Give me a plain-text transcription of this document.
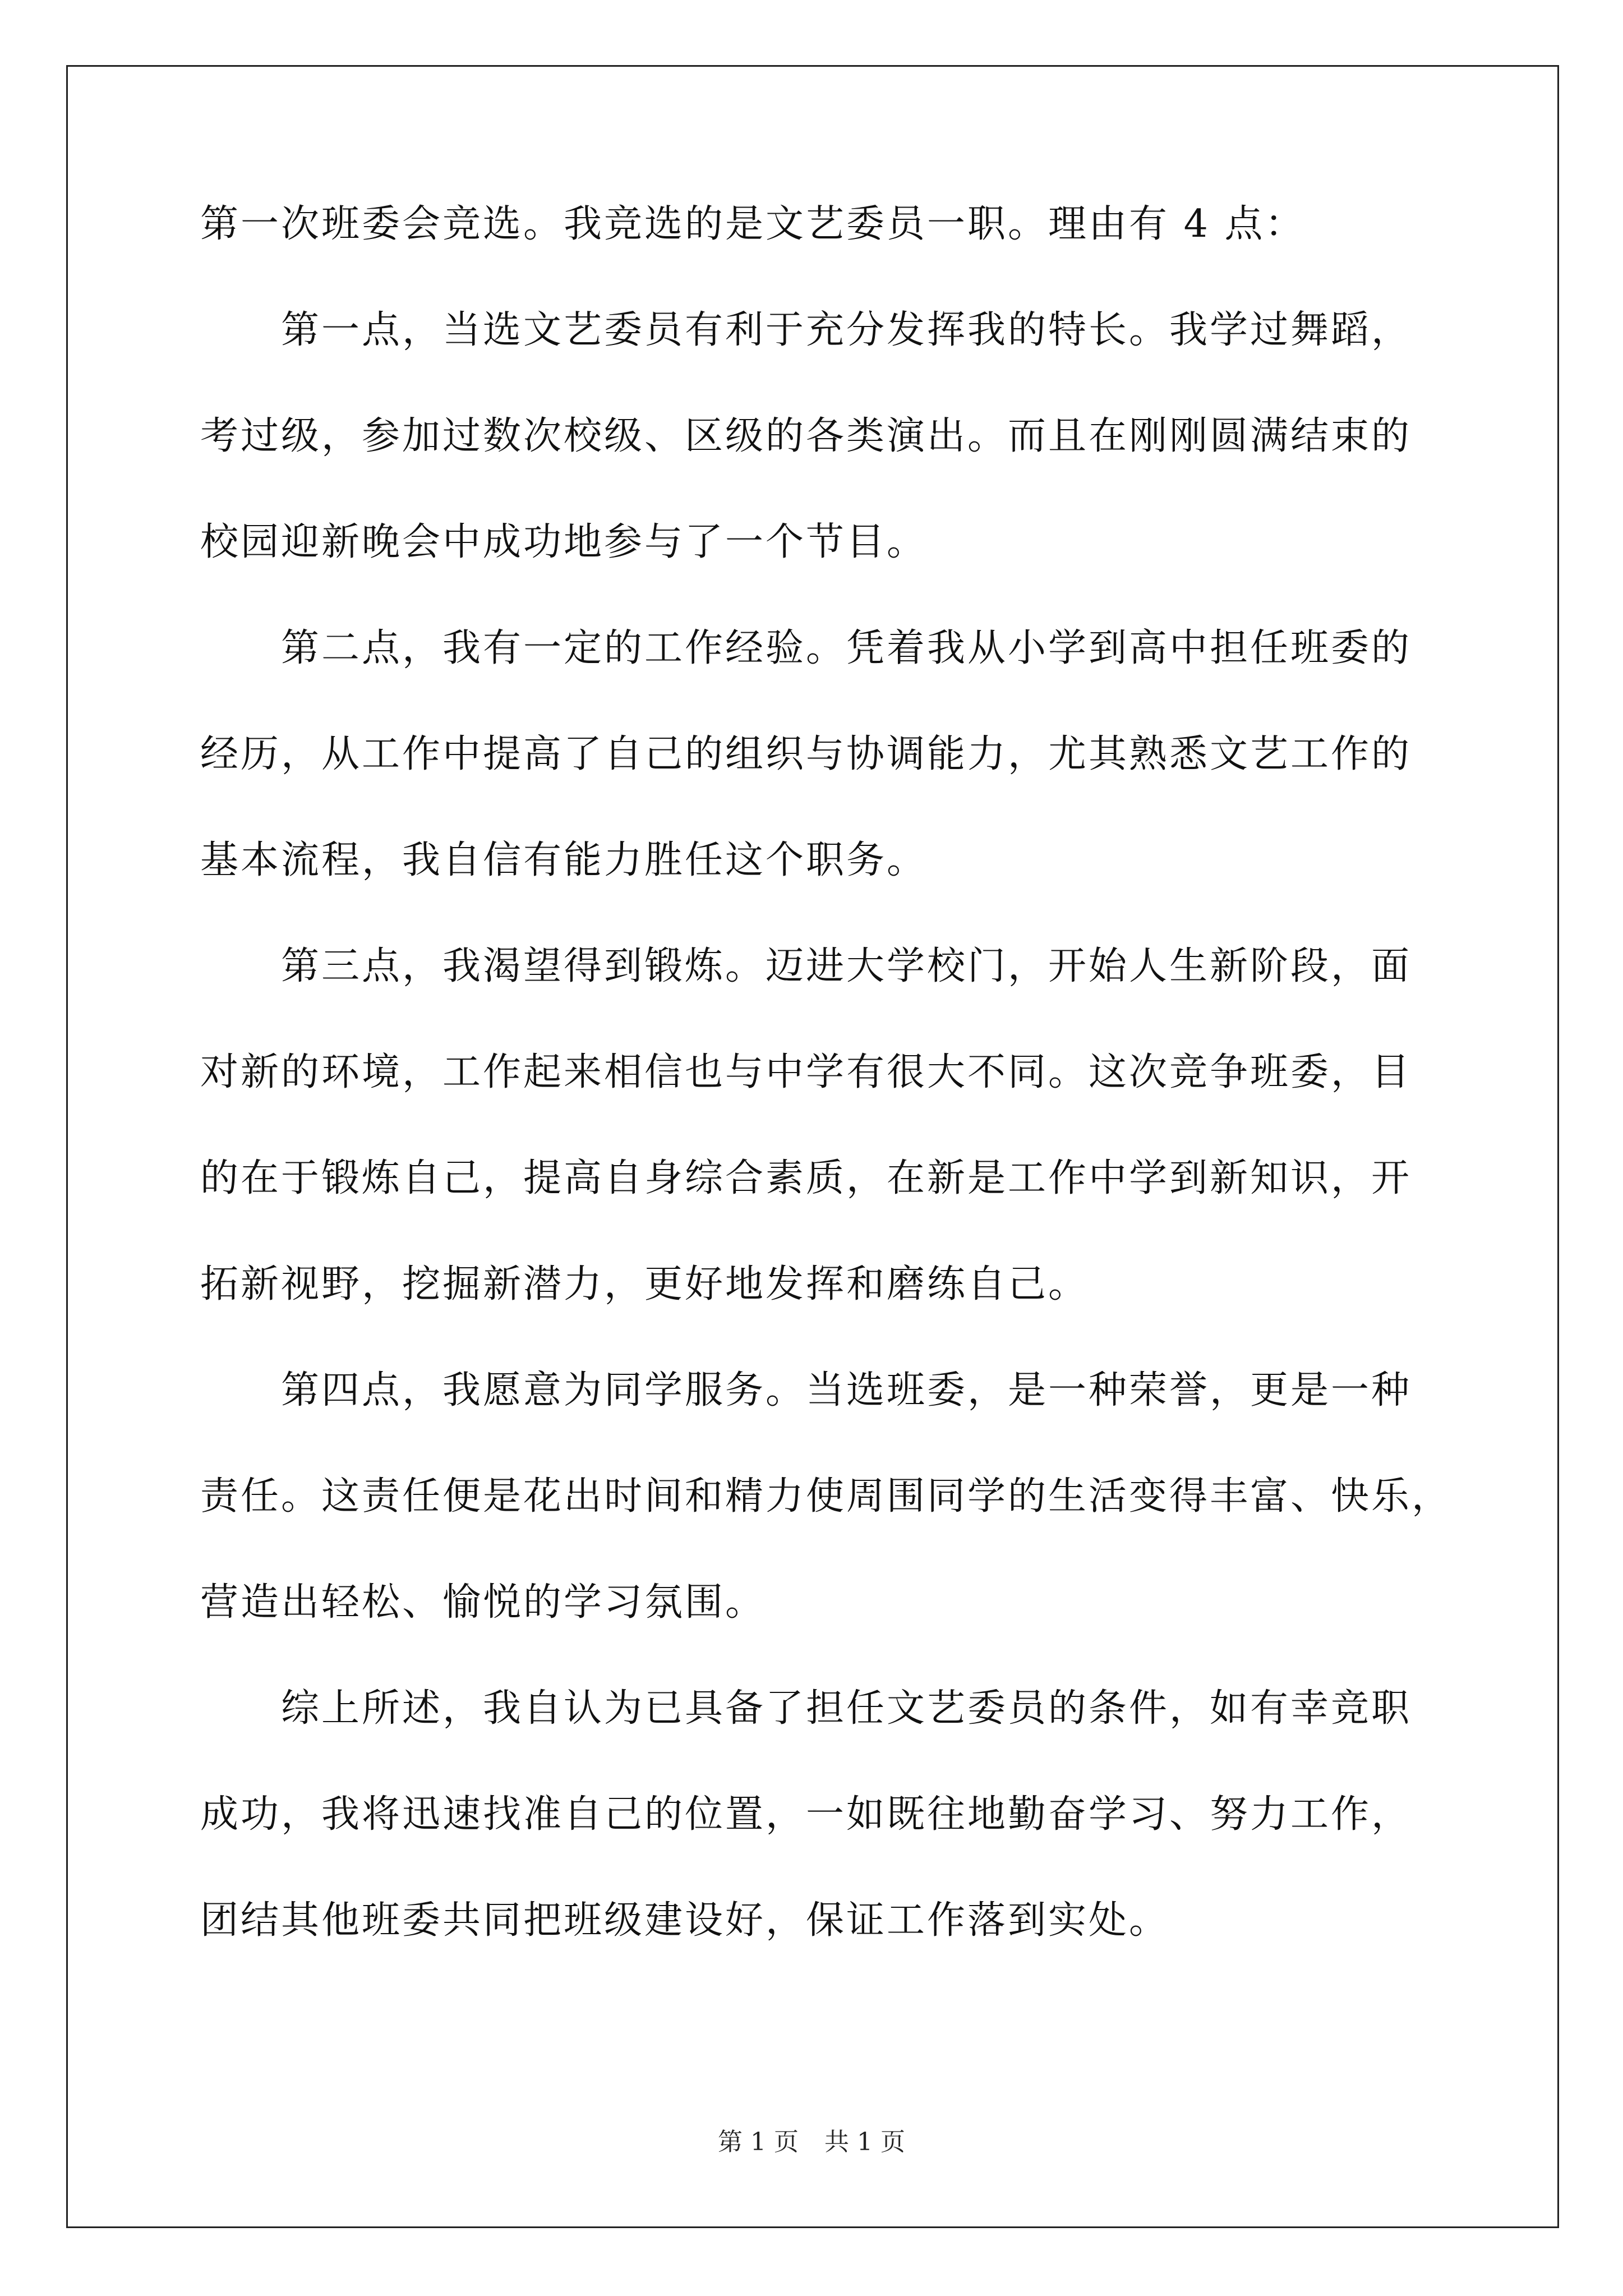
第一次班委会竞选。我竞选的是文艺委员一职。理由有 4 点：
第一点，当选文艺委员有利于充分发挥我的特长。我学过舞蹈，
考过级，参加过数次校级、区级的各类演出。而且在刚刚圆满结束的
校园迎新晚会中成功地参与了一个节目。
第二点，我有一定的工作经验。凭着我从小学到高中担任班委的
经历，从工作中提高了自己的组织与协调能力，尤其熟悉文艺工作的
基本流程，我自信有能力胜任这个职务。
第三点，我渴望得到锻炼。迈进大学校门，开始人生新阶段，面
对新的环境，工作起来相信也与中学有很大不同。这次竞争班委，目
的在于锻炼自己，提高自身综合素质，在新是工作中学到新知识，开
拓新视野，挖掘新潜力，更好地发挥和磨练自己。
第四点，我愿意为同学服务。当选班委，是一种荣誉，更是一种
责任。这责任便是花出时间和精力使周围同学的生活变得丰富、快乐，
营造出轻松、愉悦的学习氛围。
综上所述，我自认为已具备了担任文艺委员的条件，如有幸竞职
成功，我将迅速找准自己的位置，一如既往地勤奋学习、努力工作，
团结其他班委共同把班级建设好，保证工作落到实处。
第 1 页 共 1 页
